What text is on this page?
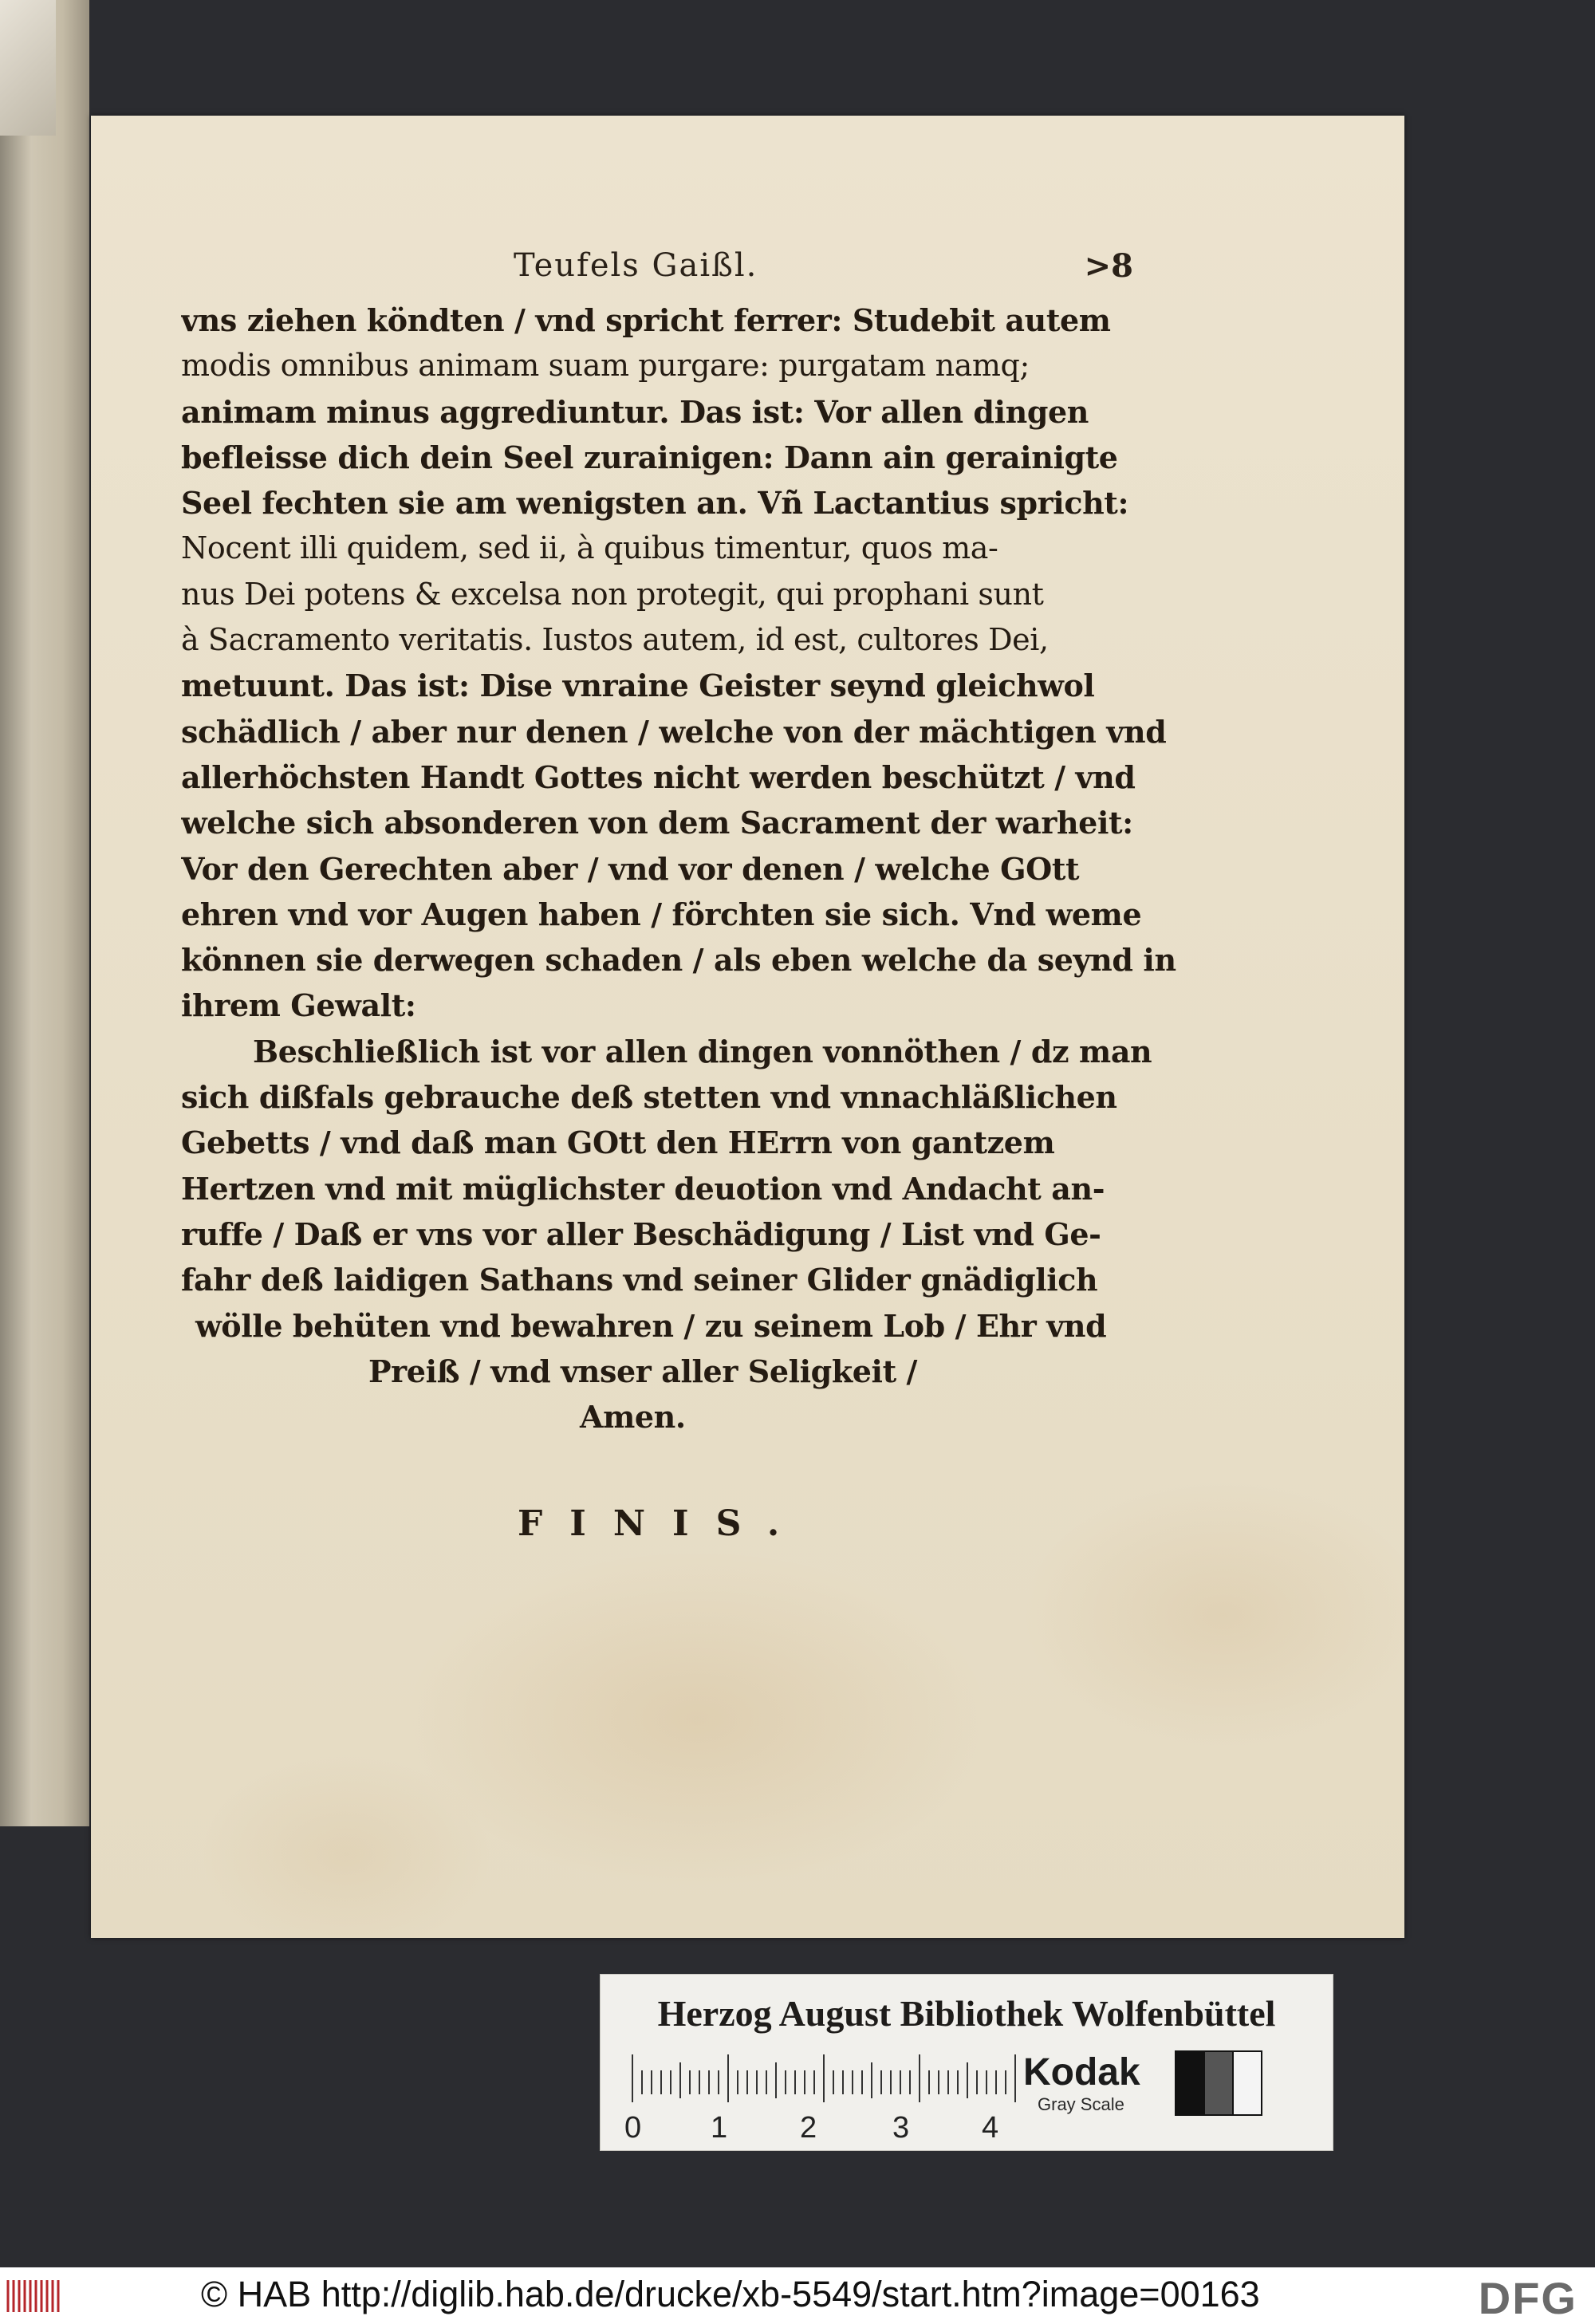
Teufels Gaißl.	>8
vns ziehen köndten / vnd spricht ferrer: Studebit autem
modis omnibus animam suam purgare: purgatam namq;
animam minus aggrediuntur. Das ist: Vor allen dingen
befleisse dich dein Seel zurainigen: Dann ain gerainigte
Seel fechten sie am wenigsten an. Vñ Lactantius spricht:
Nocent illi quidem, sed ii, à quibus timentur, quos ma-
nus Dei potens & excelsa non protegit, qui prophani sunt
à Sacramento veritatis. Iustos autem, id est, cultores Dei,
metuunt. Das ist: Dise vnraine Geister seynd gleichwol
schädlich / aber nur denen / welche von der mächtigen vnd
allerhöchsten Handt Gottes nicht werden beschützt / vnd
welche sich absonderen von dem Sacrament der warheit:
Vor den Gerechten aber / vnd vor denen / welche GOtt
ehren vnd vor Augen haben / förchten sie sich. Vnd weme
können sie derwegen schaden / als eben welche da seynd in
ihrem Gewalt:
Beschließlich ist vor allen dingen vonnöthen / dz man
sich dißfals gebrauche deß stetten vnd vnnachläßlichen
Gebetts / vnd daß man GOtt den HErrn von gantzem
Hertzen vnd mit müglichster deuotion vnd Andacht an-
ruffe / Daß er vns vor aller Beschädigung / List vnd Ge-
fahr deß laidigen Sathans vnd seiner Glider gnädiglich
wölle behüten vnd bewahren / zu seinem Lob / Ehr vnd
Preiß / vnd vnser aller Seligkeit /
Amen.
FINIS.
Herzog August Bibliothek Wolfenbüttel
0 1 2 3 4
Kodak
Gray Scale
© HAB http://diglib.hab.de/drucke/xb-5549/start.htm?image=00163	DFG
